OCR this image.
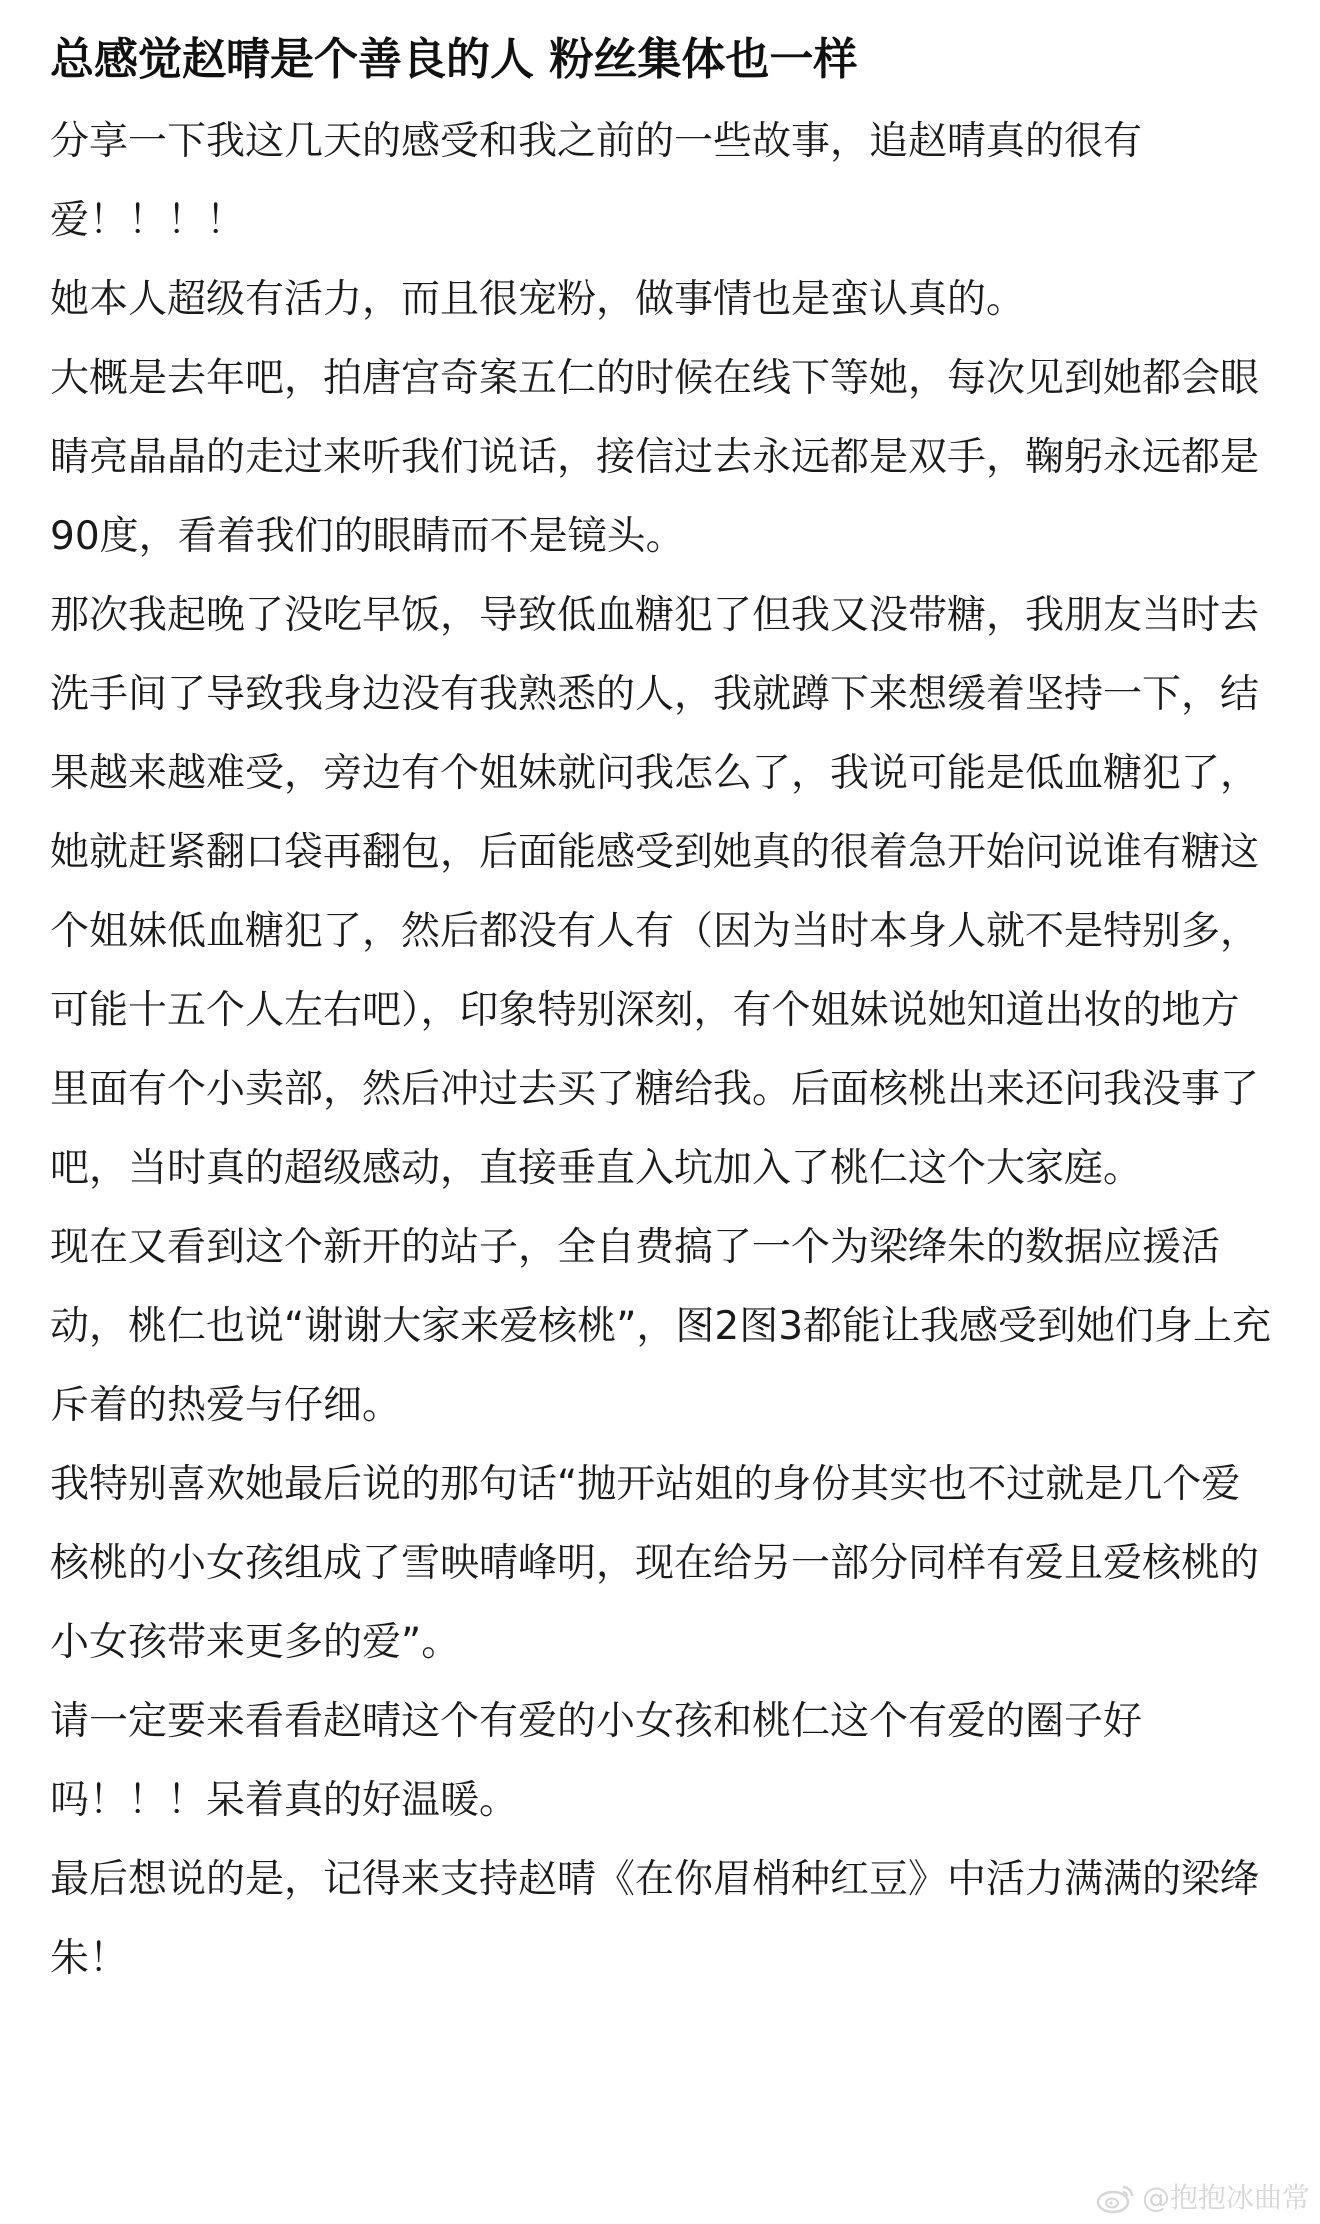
总感觉赵晴是个善良的人 粉丝集体也一样

分享一下我这几天的感受和我之前的一些故事，追赵晴真的很有爱！！！！

她本人超级有活力，而且很宠粉，做事情也是蛮认真的。

大概是去年吧，拍唐宫奇案五仁的时候在线下等她，每次见到她都会眼睛亮晶晶的走过来听我们说话，接信过去永远都是双手，鞠躬永远都是90度，看着我们的眼睛而不是镜头。

那次我起晚了没吃早饭，导致低血糖犯了但我又没带糖，我朋友当时去洗手间了导致我身边没有我熟悉的人，我就蹲下来想缓着坚持一下，结果越来越难受，旁边有个姐妹就问我怎么了，我说可能是低血糖犯了，她就赶紧翻口袋再翻包，后面能感受到她真的很着急开始问说谁有糖这个姐妹低血糖犯了，然后都没有人有（因为当时本身人就不是特别多，可能十五个人左右吧），印象特别深刻，有个姐妹说她知道出妆的地方里面有个小卖部，然后冲过去买了糖给我。后面核桃出来还问我没事了吧，当时真的超级感动，直接垂直入坑加入了桃仁这个大家庭。

现在又看到这个新开的站子，全自费搞了一个为梁绛朱的数据应援活动，桃仁也说“谢谢大家来爱核桃”，图2图3都能让我感受到她们身上充斥着的热爱与仔细。

我特别喜欢她最后说的那句话“抛开站姐的身份其实也不过就是几个爱核桃的小女孩组成了雪映晴峰明，现在给另一部分同样有爱且爱核桃的小女孩带来更多的爱”。

请一定要来看看赵晴这个有爱的小女孩和桃仁这个有爱的圈子好吗！！！呆着真的好温暖。

最后想说的是，记得来支持赵晴《在你眉梢种红豆》中活力满满的梁绛朱！

@抱抱冰曲常
